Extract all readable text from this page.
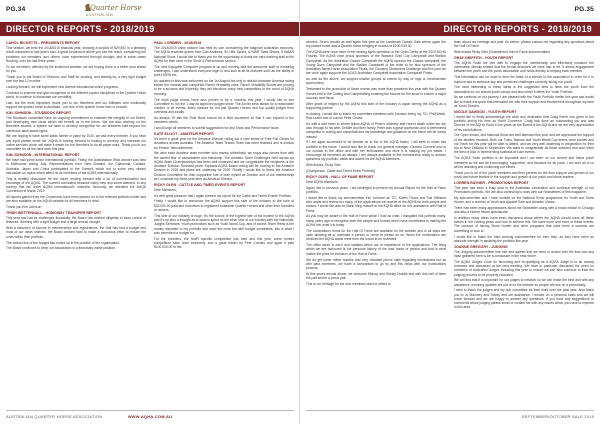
PG.34
AUSTRALIAN
Quarter Horse
DIRECTOR REPORTS - 2018/2019
CAROL RICKETTS - PRESIDENTS REPORT

This season, we held the 2018/2019 financial year, showing a surplus of $29,592 in a pleasing result compared to last year's loss. A great turnaround where you see the result, considering the problems our members, and others, have experienced through drought, and in some cases flooding, over the last three years.

To our members, affected by the inclement weather, we are hoping there is a better year ahead for you.

Thank you to the Board of Directors and Staff for working, and abiding by, a very tight budget over the last 12 months.

Looking forward, we will implement new diverse educational online programs.

Continue to promote and give recognition to the different equine disciplines in the Quarter Horse world, to continue to showcase our versatility.

Last, but the most important, thank you to our Members and our Affiliates who continually support the quarter horse in Australia - our love of the quarter horse has no bounds.

KIM JOHNSON - STUDBOOK REPORT

The Studbook committee have an ongoing commitment to maintain the integrity of our Breed, and developing new ideas which will benefit us in the future. We are also working on the Breeders awards, a system we have to develop recognition for our breeders built beyond the numerous adult award types.

We are hoping to have some ideas further in place by 2020, we ask every breeder. If you have any input please email me. AQHA is looking forward to looking to develop and increase our online services which will make it easier for the Members to do all paper work. Thank you to our committee for all the hard work this year.

KIM JOHNSON - INTERNATIONAL REPORT

We have had some active International portfolio. Firstly, the Australasian Whiz wonder was held in Melbourne during July. Representatives from New Zealand, the Caledonia, Canada, Australia, Japan and China participated in the Summit, which led to some very vibrant discussion on topics which affect us as members of the AQHA internationally.

This is healthy discussion for the future moving forward with a lot of communication and exchange of the AQHA. The summit concluded because many new and some talented. In any country that fall under AQHA International's umbrella. Secondly, we attended the AHQA Convention in March 2019.

All reports gained from the Convention have been passed on to the relevant portfolio holder and are also available on the AQHA website for all members to read.

Thank you Kim Johnson

TRISH WETTENHALL - HOMOWAY TRANSFER REPORT

This year has had its challenges financially, the Board has worked diligently to keep control of finances. Working with a tight budget and a large annual drought.

With a downturn of income in memberships and registrations, the Hall has had a budget and most of our ideas shelved, the Board worked hard to make a conscious effort to reduce the costs within their portfolio.

The bottom line of the budget has ended up in the positive of the organisation.

The Board continues to keep our Association in a financially viable position.

PAUL LORIMER - 2018/2019

The 2018/2019 show season has held its own considering the stagnant Australian economy. The AQHA received grants from Dan Andrews, 90 Hills Sports, & NWR State Shows, 5 WAAH National Show. I would like to thank you for the opportunity to thank the hard working staff at the AQHA for their work in the Show & Performance section.

The new Equigrine Computer program is up and running and the awesome staff of Ironstring challenges, I can understand everyone login in and look at all its features such as the ability to print HORN etc.

As updates in kids was welcomed on the 1st August but only to rebuild character America racing before the manual was completed Ranch Versatility rules. Ranch Versatility Shows are proving to be a success and hopefully they will introduce many new competitors to the world of AQHA showing.

The multi judge shows have also proven to be a success this year. I would like to see Committee to run the 1 day all approved judged show. The Ad bis sess allows for a reasonable number of all events, kids's classes for not just Quarter Horses and top quality judges from overseas and locally.

As always, I'll ask the Rule Book should be a fluid document so that it can expand in the members needs.

I would urge all members to submit suggestions for any Show and Performance issue.

KATE ELLIOT - AMATEUR REPORT

It's been a great year for the Amateur Division rolling out a new series of Free Full Clinics for Amateurs across Australia. The Amateur Team Tenlow Team has been finalised and is excited for Person Teleconference.

We wish each Amateur team member who travels collectively, we enjoy also pieces from with the careful fear of camaraderie and friendship. The Amateur Team Challenges held across six AQHA State Championships has been well contested and we congratulate the recipients of the Amateur Division Rounded prize! Explains AQHA Board voting will be moving to the Amateur Division in 2020 and plans are underway for 2020. Finally I would like to thank the Amateur Division Committee for their supportive role of both myself as Director and of the membership as I conclude my three-year term as Amateur Director.

RICKY GLEN - CATTLE AND TIMED EVENTS REPORT

Dear Members,

It's with great pleasure that I again present my report for the Cattle and Timed Events Portfolio.

Firstly, I would like to announce the AQHA support this side of the industry to the tune of $32,000.00 paid and incentives to registered Australian Quarter Horses and other their breeders or owners.

This side of our industry is huge, it's the source of the highest rate of the income to the AQHA and it's up plus a thought as to what is spent on the other side of our industry with the Nationals, Judges Seminars, Youth promotions such as Youth World Cup, and of course Team Teens is the money allocated to my portfolio and used the most low with budget constraints, this is what I was permitted to budget for.

For the breeders, the NWR specific competition has held and this year, some horses competition have done extremely, and a great ridden by Pete Coxsley and again it paid $100,000.00 to the

AUSTRALIAN QUARTER HORSE ASSOCIATION	WWW.AQHA.COM.AU
PG.35
DIRECTOR REPORTS - 2018/2019

winners. Seven results as well again this year at the Landmark Classic Sale where again the top placed horse was a Quarter horse bringing in excess of $200,000.00.

The AQHA were once more in the ranking lights operation of the Open Derby at the 2019 NCHA Futurity. The AQHA once proud sponsors of the Warwick Gold Cup Campdraft and Stallion Campdraft. As the Australian Classic Campdraft the AQHA sponsor the Classic campdraft, the Young Guns Campdraft and the Stallion Campdraft in the order to be also sponsors of the Australian Barrel Horse Association Finals, the Clonaury Stockmens Challenge and this year we are once again supports the ACAS Australian Campdraft Association Campdraft Finals.

As well as the above, we support smaller groups at events by way of rugs or merchandise sponsorship.

Testament to the promotion of these events was more than prevalent this year with the Quarter Horses first in the Cutting and Campdrafting boasting the income for the show to ensure a major success next fiscal.

After years of neglect by the AQHA this side of the industry is again seeing the AQHA as a supporting partner.

In closing, I would like to thank my committee members with Johnson being my TIC, Phill Webb, Rob Leach and of course Peter Gedas.

It's with a sad heart to inform fellow AQHA of Peter's untimely and recent death whilst we are also through to his wife, Debbie and their family. Peter was a great sportsman and a determined competitor in cutting and campdraft and his knowledge and guidance on the future will be sorely missed.

If I am again successful to be elected on to the of the AQHA board, I will seek to retain this portfolio in the future. I would also like to thank our general manager, Gemma Cunnew who is our contact in the office and with her enthusiasm and drive it is making my job easier. I encourage all members as always. I am always available to the membership ready to answer questions my portfolio, ideas and advice for the AQHA Members.

With thanks, Ricky Glen

(Chairperson, Cattle and Timed Event Portfolio)

RICKY GLEN - HALL OF FAME REPORT

Dear AQHA Members,

Again, like in previous years, I am privileged to present my Annual Report for the Hall of Fame portfolio.

I would like to thank my subcommittee Kim Johnson as TIC, Karen Thrum and Sue Williams who assist and review too many of the applications we receive at the AQHA for both people and horses. I would like also to thank Meg Hassell at the AQHA office for her assistance with Hall of Fame.

As you may be aware in the Hall of Fame which I hold as chair, I instigated this portfolio many, many years ago to recognise both the people and horses which have contributed to making the AQHA into what it is today.

The nominations forms for the Hall Of Fame are available on the website and in all ways are open allowing all to nominate a person or horse to please do so. When the nominations are received the AQHA assist meet from the board to be reviewed.

The office takes in each and updates which are of importance of the applications. The thing which we are honoured is the personal history of the said horse or person and that is what makes the prize for inclusion of the Hall of Fame.

We do get some rather humble and very reluctant phone calls regarding nominations but as with past nominees, we have a comparison to go by and this helps with our nominations process.

At this year's annual dinner, we welcome Murray and Shirley Doddle and with this hall of fame the pair will be a proud pair.

This is our heritage for the new members and for others to

learn about our heritage and past. As before, please contact me regarding any questions about the Hall Of Fame.

With thanks Ricky Glen (Chairperson Hall of Fame subcommittee)

GRAY GRIFFITH - YOUTH REPORT

The AQHA Youth we met with to engage the membership and effectively measure the information directly related that the formal decisions we have had to be. It allows engagement between the youth and the youth association and holds directly to helping each member.

This information can be used to form the basis of a service to the association in order for it to improve and to embrace any and perceived challenges currently facing our youth.

The most interesting of these ideas is the suggested idea to have the youth from the association to our annual youth camps and also which it offers the Youth Portfolio.

As we continue on our journey, I am pleased with the Youth Portfolio earlier this year and would like to thank everyone that interacted me with their support and involvement throughout my term as Youth Director.

NICOLE DAWSON - YOUTH REPORT

I would like to firstly acknowledge the work and dedication that Craig Kerrin has given to the portfolio during his time as Youth Convenor. Craig has done an outstanding job and was Director of the AQHA Youth in his years on the Board of the AQHA and we are very appreciative of his contributions.

Our Open shows, and National Show are well attended this year, and we appreciate the support of the families involved. Both our Trans-Tasman and Youth World Cup teams were excited and our Youth for this year will be able to attend, and we very well underway in preparation for their trip to New Zealand in September. We want to congratulate all those selected and wish them the best of luck in representing Australia at such events.

The AQHA Youth portfolio is an important and I am keen on our current and future youth members so we can be encouraging, supportive, and inclusive for all youth. I am sure all of us will be assisting and continuing our efforts.

Thank you to all of the youth members and their parents for the their support and growth of our youth and future leaders in the support and growth of our youth and future leaders.

LORREN RAYNER - PROMOTIONS REPORT

This year has seen a busy year in the Australian celebration and continual strength of our Promotions portfolio. We are also continuing to work with our Newsletters of this magazine.

My subcommittee and I have worked on the National Show programme for Youth and Show Hunter, and a number of Youth and Apparel Sale and Amateur shows.

There has been many appearances about the Newsletter along with a broad edition in Chicago and also a Hunter fixture spectacular.

In addition many ideas have been discussed about where the AQHA should have all these events in the coming years and how to achieve this. We have more and more of these events. The concept of having Show Hunter and other programs that have been a success are something to look to.

I would like to thank the hard working subcommittee for their help, as they have been an absolute strength in assisting the portfolio this year.

JOANNE GREGORY - JUDGING

The Judging subcommittee has met and agreed that we need to review with the time and any input gathered here to be a conclusion in the near future.

The AQHA Judges Code for becoming and re-qualifying as a AQHA Judge is to be closely reviewed and discussed at the next meeting. We have in particular discussed the need for members of Australian Judges including this year to ensure we can also continue to train the judging process to be properly educated.

We will find that it is important for our judges to network so we can make the best and with any assistance, ensuring updates are put on to the website so people will see on a periodically.

I wish to thank the judges and my sub committee for their work over the past year. Also thank you to Jo Maloney and Tracey and our assistance. I ensure on a personal basis and we will move forward and we are happy to answer any questions. If you have any suggestions or comments about judging please email or contact me with any issues which you have to improve in this area.

SEPTEMBER/OCTOBER SALE 2019
